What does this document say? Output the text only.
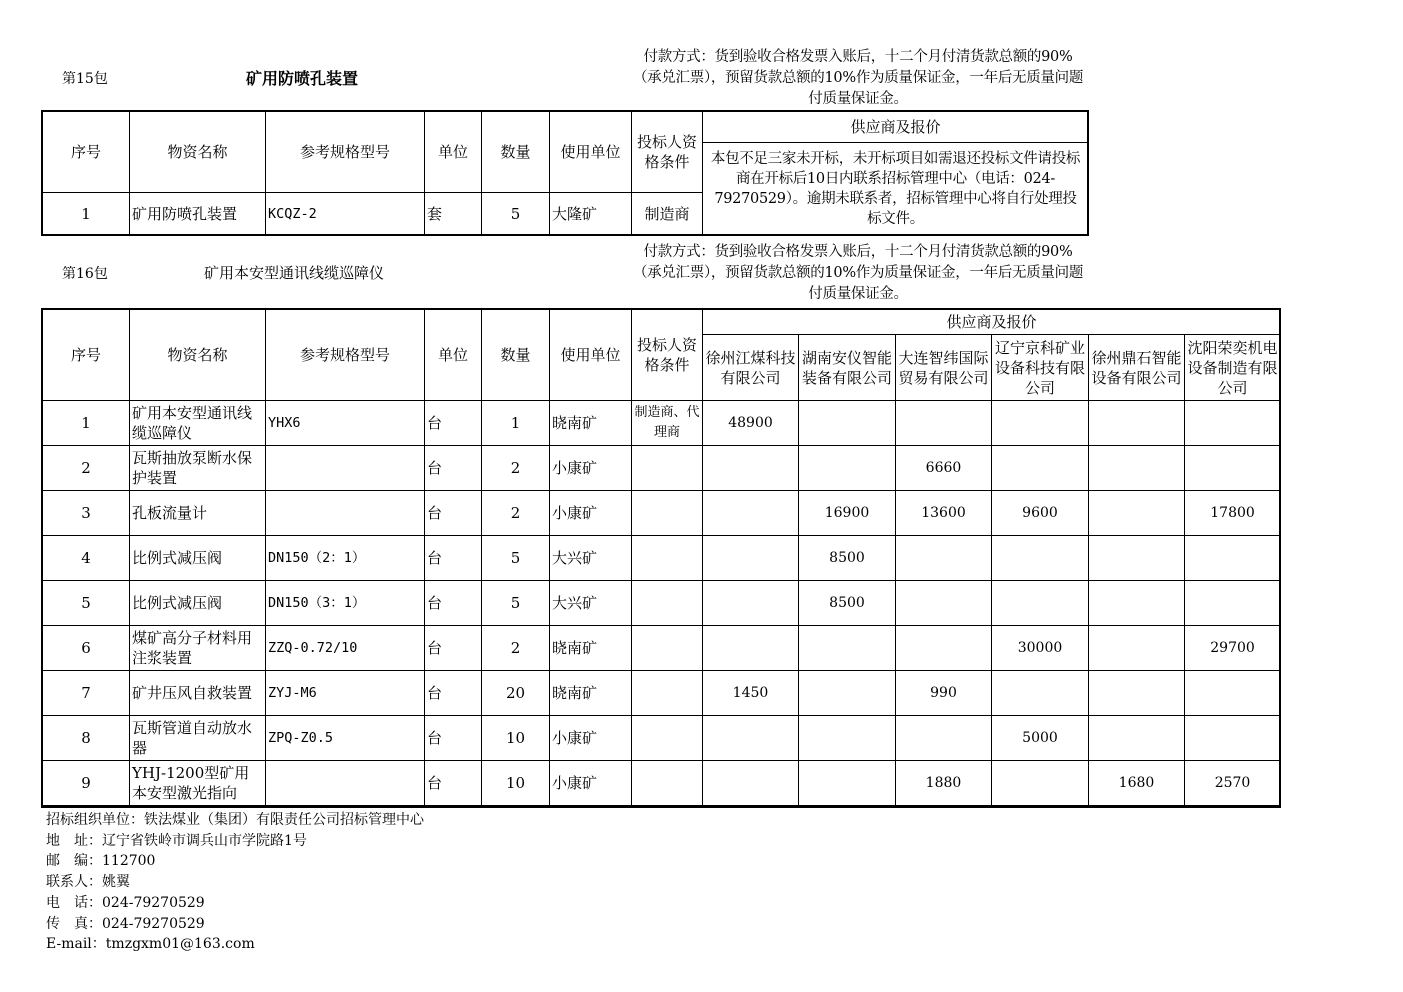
第15包	矿用防喷孔装置
付款方式：货到验收合格发票入账后，十二个月付清货款总额的90%（承兑汇票），预留货款总额的10%作为质量保证金，一年后无质量问题付质量保证金。
序号	物资名称	参考规格型号	单位	数量	使用单位	投标人资格条件	供应商及报价
							本包不足三家未开标，未开标项目如需退还投标文件请投标商在开标后10日内联系招标管理中心（电话：024-79270529）。逾期未联系者，招标管理中心将自行处理投标文件。
1	矿用防喷孔装置	KCQZ-2	套	5	大隆矿	制造商	
第16包	矿用本安型通讯线缆巡障仪
付款方式：货到验收合格发票入账后，十二个月付清货款总额的90%（承兑汇票），预留货款总额的10%作为质量保证金，一年后无质量问题付质量保证金。
序号	物资名称	参考规格型号	单位	数量	使用单位	投标人资格条件	供应商及报价					
							徐州江煤科技有限公司	湖南安仪智能装备有限公司	大连智纬国际贸易有限公司	辽宁京科矿业设备科技有限公司	徐州鼎石智能设备有限公司	沈阳荣奕机电设备制造有限公司
1	矿用本安型通讯线缆巡障仪	YHX6	台	1	晓南矿	制造商、代理商	48900					
2	瓦斯抽放泵断水保护装置		台	2	小康矿				6660			
3	孔板流量计		台	2	小康矿			16900	13600	9600		17800
4	比例式减压阀	DN150（2：1）	台	5	大兴矿			8500				
5	比例式减压阀	DN150（3：1）	台	5	大兴矿			8500				
6	煤矿高分子材料用注浆装置	ZZQ-0.72/10	台	2	晓南矿					30000		29700
7	矿井压风自救装置	ZYJ-M6	台	20	晓南矿		1450		990			
8	瓦斯管道自动放水器	ZPQ-Z0.5	台	10	小康矿					5000		
9	YHJ-1200型矿用本安型激光指向		台	10	小康矿				1880		1680	2570
招标组织单位：铁法煤业（集团）有限责任公司招标管理中心
地　址：辽宁省铁岭市调兵山市学院路1号
邮　编：112700
联系人：姚翼
电　话：024-79270529
传　真：024-79270529
E-mail：tmzgxm01@163.com
